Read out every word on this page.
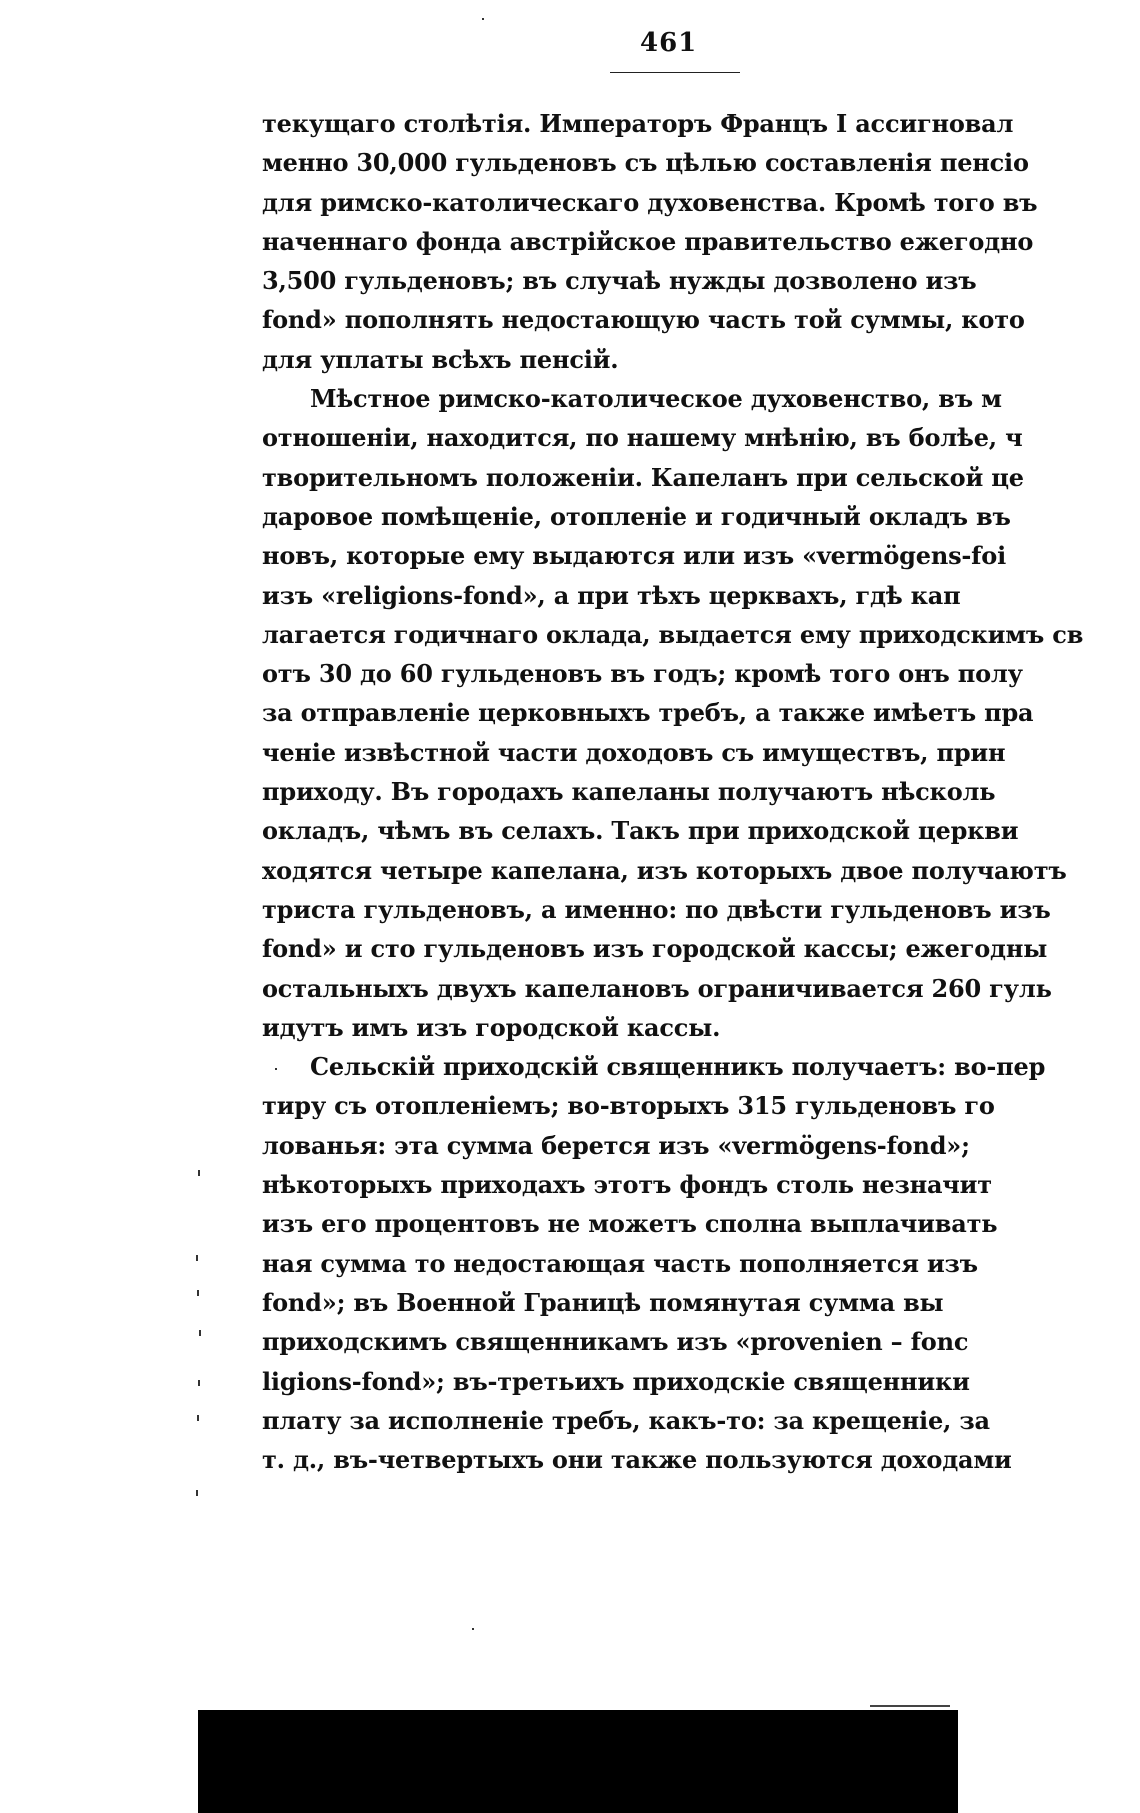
461
текущаго столѣтія. Императоръ Францъ I ассигновал
менно 30,000 гульденовъ съ цѣлью составленія пенсіо
для римско-католическаго духовенства. Кромѣ того въ
наченнаго фонда австрійское правительство ежегодно
3,500 гульденовъ; въ случаѣ нужды дозволено изъ
fond» пополнять недостающую часть той суммы, кото
для уплаты всѣхъ пенсій.
Мѣстное римско-католическое духовенство, въ м
отношеніи, находится, по нашему мнѣнію, въ болѣе, ч
творительномъ положеніи. Капеланъ при сельской це
даровое помѣщеніе, отопленіе и годичный окладъ въ
новъ, которые ему выдаются или изъ «vermögens-foi
изъ «religions-fond», а при тѣхъ церквахъ, гдѣ кап
лагается годичнаго оклада, выдается ему приходскимъ св
отъ 30 до 60 гульденовъ въ годъ; кромѣ того онъ полу
за отправленіе церковныхъ требъ, а также имѣетъ пра
ченіе извѣстной части доходовъ съ имуществъ, прин
приходу. Въ городахъ капеланы получаютъ нѣсколь
окладъ, чѣмъ въ селахъ. Такъ при приходской церкви
ходятся четыре капелана, изъ которыхъ двое получаютъ
триста гульденовъ, а именно: по двѣсти гульденовъ изъ
fond» и сто гульденовъ изъ городской кассы; ежегодны
остальныхъ двухъ капелановъ ограничивается 260 гуль
идутъ имъ изъ городской кассы.
Сельскій приходскій священникъ получаетъ: во-пер
тиру съ отопленіемъ; во-вторыхъ 315 гульденовъ го
лованья: эта сумма берется изъ «vermögens-fond»;
нѣкоторыхъ приходахъ этотъ фондъ столь незначит
изъ его процентовъ не можетъ сполна выплачивать
ная сумма то недостающая часть пополняется изъ
fond»; въ Военной Границѣ помянутая сумма вы
приходскимъ священникамъ изъ «provenien – fonc
ligions-fond»; въ-третьихъ приходскіе священники
плату за исполненіе требъ, какъ-то: за крещеніе, за
т. д., въ-четвертыхъ они также пользуются доходами
